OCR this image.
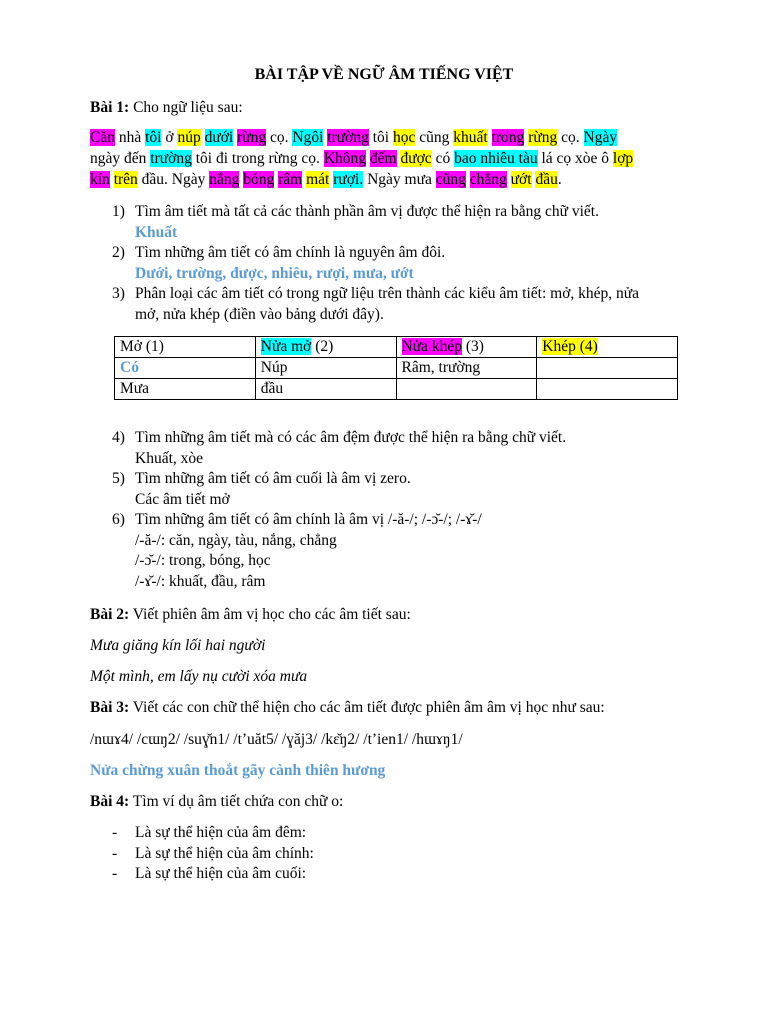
BÀI TẬP VỀ NGỮ ÂM TIẾNG VIỆT

Bài 1: Cho ngữ liệu sau:

Căn nhà tôi ở núp dưới rừng cọ. Ngôi trường tôi học cũng khuất trong rừng cọ. Ngày

ngày đến trường tôi đi trong rừng cọ. Không đếm được có bao nhiêu tàu lá cọ xòe ô lợp

kín trên đầu. Ngày nắng bóng râm mát rượi. Ngày mưa cũng chẳng ướt đầu.

1) Tìm âm tiết mà tất cả các thành phần âm vị được thể hiện ra bằng chữ viết.
Khuất
2) Tìm những âm tiết có âm chính là nguyên âm đôi.
Dưới, trường, được, nhiêu, rượi, mưa, ướt
3) Phân loại các âm tiết có trong ngữ liệu trên thành các kiểu âm tiết: mở, khép, nửa
mở, nửa khép (điền vào bảng dưới đây).
Mở (1)	Nửa mở (2)	Nửa khép (3)	Khép (4)
Có	Núp	Râm, trường	
Mưa	đầu		
4) Tìm những âm tiết mà có các âm đệm được thể hiện ra bằng chữ viết.
Khuất, xòe
5) Tìm những âm tiết có âm cuối là âm vị zero.
Các âm tiết mở
6) Tìm những âm tiết có âm chính là âm vị /-ă-/; /-ɔ̆-/; /-ɤ̆-/
/-ă-/: căn, ngày, tàu, nắng, chẳng
/-ɔ̆-/: trong, bóng, học
/-ɤ̆-/: khuất, đầu, râm

Bài 2: Viết phiên âm âm vị học cho các âm tiết sau:

Mưa giăng kín lối hai người

Một mình, em lấy nụ cười xóa mưa

Bài 3: Viết các con chữ thể hiện cho các âm tiết được phiên âm âm vị học như sau:

/nɯɤ4/ /cɯŋ2/ /suɣ̆n1/ /t’uăt5/ /ɣăj3/ /kɛ̆ŋ2/ /t’ien1/ /hɯɤŋ1/

Nửa chừng xuân thoắt gãy cành thiên hương

Bài 4: Tìm ví dụ âm tiết chứa con chữ o:

- Là sự thể hiện của âm đêm:
- Là sự thể hiện của âm chính:
- Là sự thể hiện của âm cuối:
